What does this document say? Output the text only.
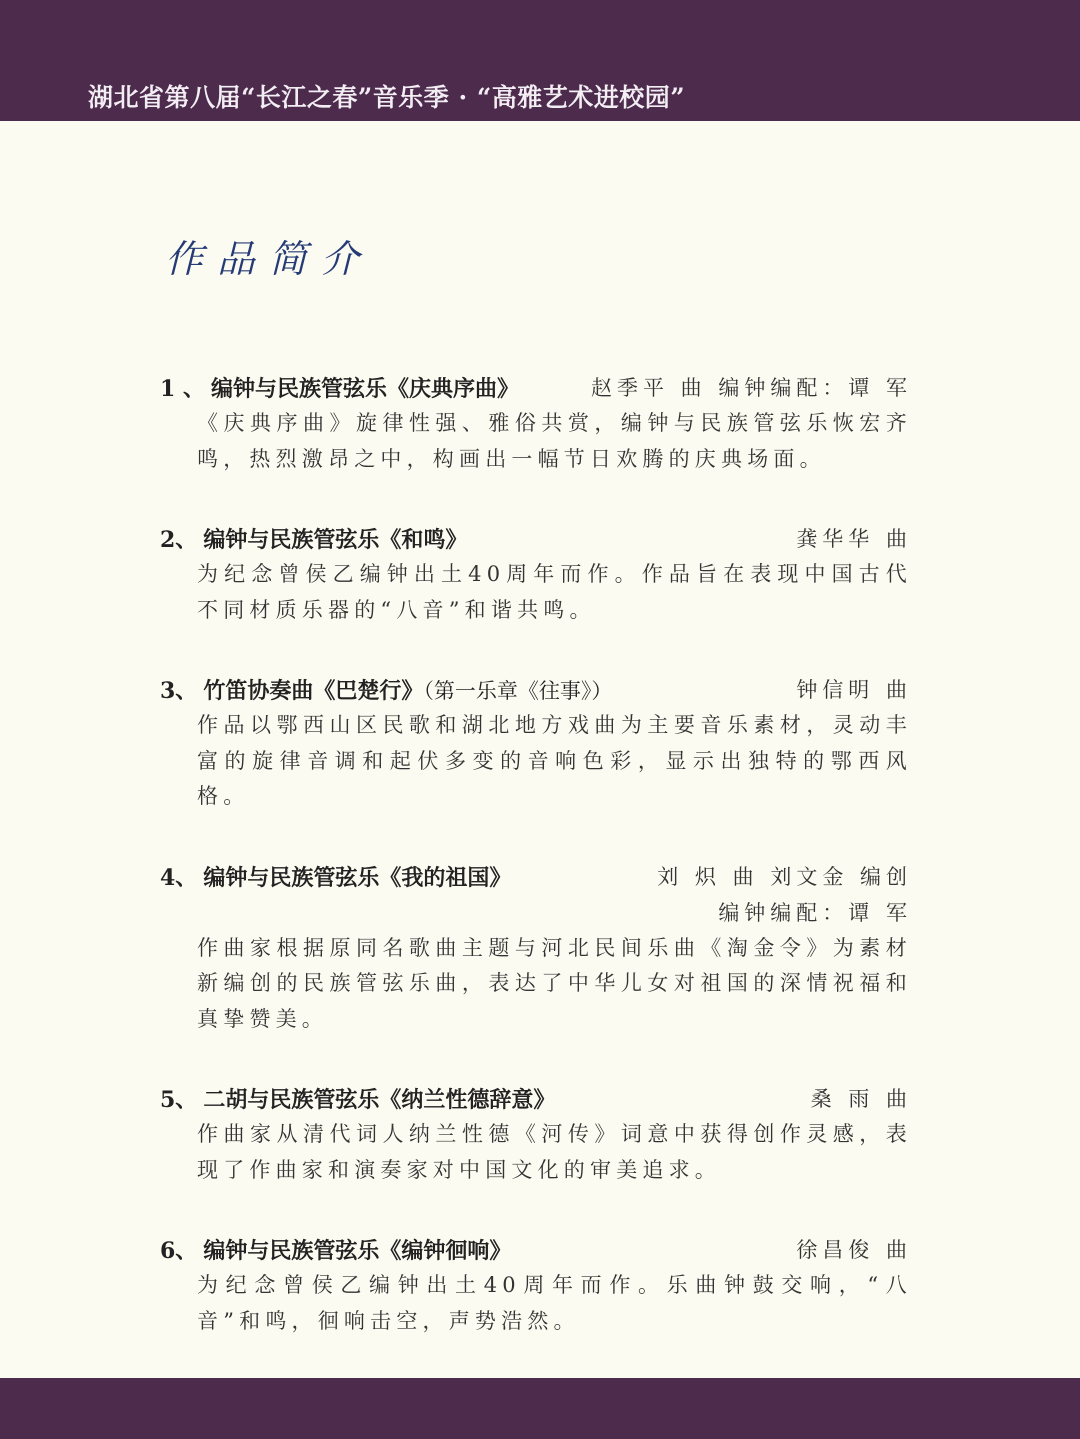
湖北省第八届“长江之春”音乐季 · “高雅艺术进校园”
作品简介
1 、 编钟与民族管弦乐《庆典序曲》	赵季平 曲 编钟编配：谭 军
《庆典序曲》旋律性强、雅俗共赏，编钟与民族管弦乐恢宏齐鸣，热烈激昂之中，构画出一幅节日欢腾的庆典场面。
2、 编钟与民族管弦乐《和鸣》	龚华华 曲
为纪念曾侯乙编钟出土40周年而作。作品旨在表现中国古代不同材质乐器的“八音”和谐共鸣。
3、 竹笛协奏曲《巴楚行》（第一乐章《往事》）	钟信明 曲
作品以鄂西山区民歌和湖北地方戏曲为主要音乐素材，灵动丰富的旋律音调和起伏多变的音响色彩，显示出独特的鄂西风格。
4、 编钟与民族管弦乐《我的祖国》	刘 炽 曲 刘文金 编创
编钟编配：谭 军
作曲家根据原同名歌曲主题与河北民间乐曲《淘金令》为素材新编创的民族管弦乐曲，表达了中华儿女对祖国的深情祝福和真挚赞美。
5、 二胡与民族管弦乐《纳兰性德辞意》	桑 雨 曲
作曲家从清代词人纳兰性德《河传》词意中获得创作灵感，表现了作曲家和演奏家对中国文化的审美追求。
6、 编钟与民族管弦乐《编钟徊响》	徐昌俊 曲
为纪念曾侯乙编钟出土40周年而作。乐曲钟鼓交响，“八音”和鸣，徊响击空，声势浩然。
